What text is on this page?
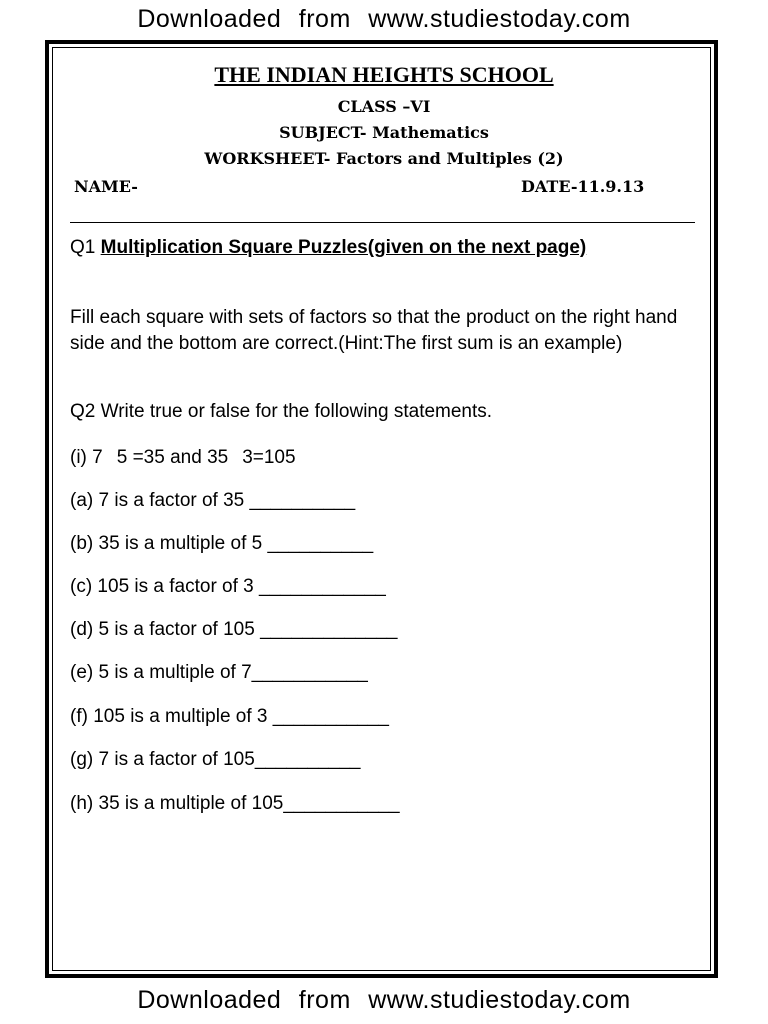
Downloaded from www.studiestoday.com
THE INDIAN HEIGHTS SCHOOL
CLASS –VI
SUBJECT- Mathematics
WORKSHEET- Factors and Multiples (2)
NAME-	DATE-11.9.13
Q1 Multiplication Square Puzzles(given on the next page)
Fill each square with sets of factors so that the product on the right hand side and the bottom are correct.(Hint:The first sum is an example)
Q2 Write true or false for the following statements.
(i) 7 5 =35 and 35 3=105
(a) 7 is a factor of 35 __________
(b) 35 is a multiple of 5 __________
(c) 105 is a factor of 3 ____________
(d) 5 is a factor of 105 _____________
(e) 5 is a multiple of 7___________
(f) 105 is a multiple of 3 ___________
(g) 7 is a factor of 105__________
(h) 35 is a multiple of 105___________
Downloaded from www.studiestoday.com
